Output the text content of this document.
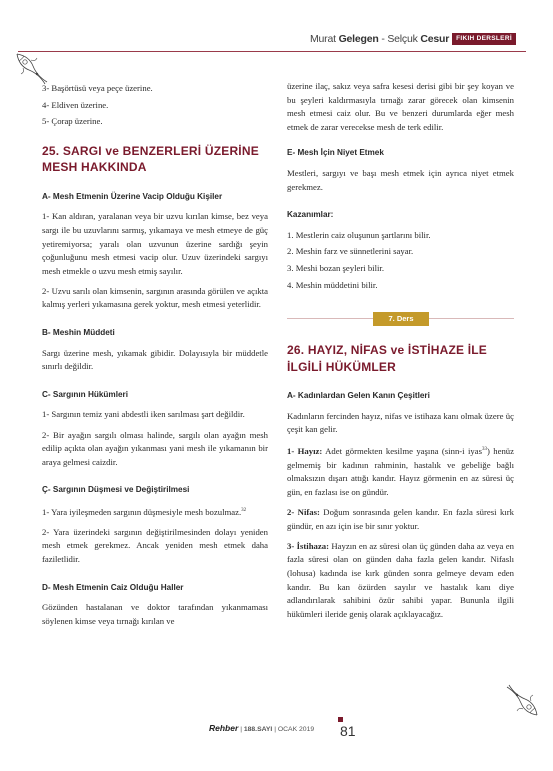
Murat Gelegen - Selçuk Cesur	FIKIH DERSLERİ

3- Başörtüsü veya peçe üzerine.

4- Eldiven üzerine.

5- Çorap üzerine.

25. SARGI ve BENZERLERİ ÜZERİNE MESH HAKKINDA
A- Mesh Etmenin Üzerine Vacip Olduğu Kişiler

1- Kan aldıran, yaralanan veya bir uzvu kırılan kimse, bez veya sargı ile bu uzuvlarını sarmış, yıkamaya ve mesh etmeye de güç yetiremiyorsa; yaralı olan uzvunun üzerine sardığı şeyin çoğunluğunu mesh etmesi vacip olur. Uzuv üzerindeki sargıyı mesh etmekle o uzvu mesh etmiş sayılır.

2- Uzvu sarılı olan kimsenin, sargının arasında görülen ve açıkta kalmış yerleri yıkamasına gerek yoktur, mesh etmesi yeterlidir.

B- Meshin Müddeti

Sargı üzerine mesh, yıkamak gibidir. Dolayısıyla bir müddetle sınırlı değildir.

C- Sargının Hükümleri

1- Sargının temiz yani abdestli iken sarılması şart değildir.

2- Bir ayağın sargılı olması halinde, sargılı olan ayağın mesh edilip açıkta olan ayağın yıkanması yani mesh ile yıkamanın bir araya gelmesi caizdir.

Ç- Sargının Düşmesi ve Değiştirilmesi

1- Yara iyileşmeden sargının düşmesiyle mesh bozulmaz.$^{32}$

2- Yara üzerindeki sargının değiştirilmesinden dolayı yeniden mesh etmek gerekmez. Ancak yeniden mesh etmek daha faziletlidir.

D- Mesh Etmenin Caiz Olduğu Haller

Gözünden hastalanan ve doktor tarafından yıkanmaması söylenen kimse veya tırnağı kırılan ve

üzerine ilaç, sakız veya safra kesesi derisi gibi bir şey koyan ve bu şeyleri kaldırmasıyla tırnağı zarar görecek olan kimsenin mesh etmesi caiz olur. Bu ve benzeri durumlarda eğer mesh etmek de zarar verecekse mesh de terk edilir.

E- Mesh İçin Niyet Etmek

Mestleri, sargıyı ve başı mesh etmek için ayrıca niyet etmek gerekmez.

Kazanımlar:

1. Mestlerin caiz oluşunun şartlarını bilir.

2. Meshin farz ve sünnetlerini sayar.

3. Meshi bozan şeyleri bilir.

4. Meshin müddetini bilir.

7. Ders
26. HAYIZ, NİFAS ve İSTİHAZE İLE İLGİLİ HÜKÜMLER
A- Kadınlardan Gelen Kanın Çeşitleri

Kadınların fercinden hayız, nifas ve istihaza kanı olmak üzere üç çeşit kan gelir.

1- Hayız: Adet görmekten kesilme yaşına (sinn-i iyas$^{33}$) henüz gelmemiş bir kadının rahminin, hastalık ve gebeliğe bağlı olmaksızın dışarı attığı kandır. Hayız görmenin en az süresi üç gün, en fazlası ise on gündür.

2- Nifas: Doğum sonrasında gelen kandır. En fazla süresi kırk gündür, en azı için ise bir sınır yoktur.

3- İstihaza: Hayzın en az süresi olan üç günden daha az veya en fazla süresi olan on günden daha fazla gelen kandır. Nifaslı (lohusa) kadında ise kırk günden sonra gelmeye devam eden kandır. Bu kan özürden sayılır ve hastalık kanı diye adlandırılarak sahibini özür sahibi yapar. Bununla ilgili hükümleri ileride geniş olarak açıklayacağız.

Rehber | 188.SAYI | OCAK 2019 81
